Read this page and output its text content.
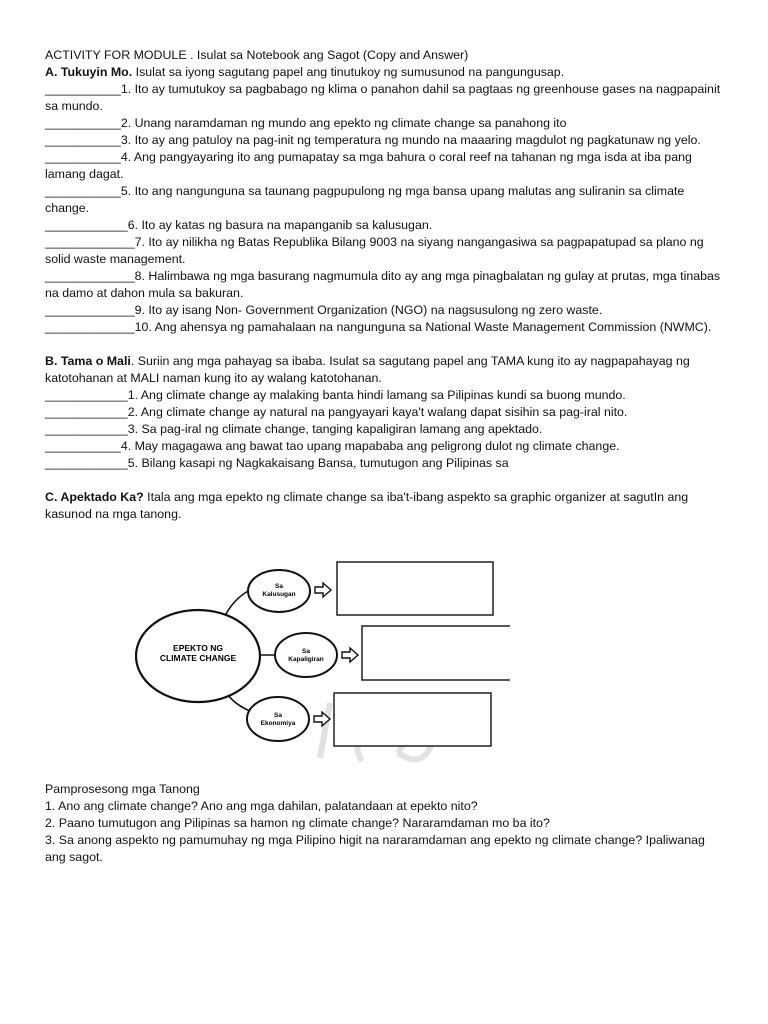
ACTIVITY FOR MODULE . Isulat sa Notebook ang Sagot (Copy and Answer)

A. Tukuyin Mo. Isulat sa iyong sagutang papel ang tinutukoy ng sumusunod na pangungusap.

___________1. Ito ay tumutukoy sa pagbabago ng klima o panahon dahil sa pagtaas ng greenhouse gases na nagpapainit sa mundo.

___________2. Unang naramdaman ng mundo ang epekto ng climate change sa panahong ito

___________3. Ito ay ang patuloy na pag-init ng temperatura ng mundo na maaaring magdulot ng pagkatunaw ng yelo.

___________4. Ang pangyayaring ito ang pumapatay sa mga bahura o coral reef na tahanan ng mga isda at iba pang lamang dagat.

___________5. Ito ang nangunguna sa taunang pagpupulong ng mga bansa upang malutas ang suliranin sa climate change.

____________6. Ito ay katas ng basura na mapanganib sa kalusugan.

_____________7. Ito ay nilikha ng Batas Republika Bilang 9003 na siyang nangangasiwa sa pagpapatupad sa plano ng solid waste management.

_____________8. Halimbawa ng mga basurang nagmumula dito ay ang mga pinagbalatan ng gulay at prutas, mga tinabas na damo at dahon mula sa bakuran.

_____________9. Ito ay isang Non- Government Organization (NGO) na nagsusulong ng zero waste.

_____________10. Ang ahensya ng pamahalaan na nangunguna sa National Waste Management Commission (NWMC).

B. Tama o Mali. Suriin ang mga pahayag sa ibaba. Isulat sa sagutang papel ang TAMA kung ito ay nagpapahayag ng katotohanan at MALI naman kung ito ay walang katotohanan.

____________1. Ang climate change ay malaking banta hindi lamang sa Pilipinas kundi sa buong mundo.

____________2. Ang climate change ay natural na pangyayari kaya't walang dapat sisihin sa pag-iral nito.

____________3. Sa pag-iral ng climate change, tanging kapaligiran lamang ang apektado.

___________4. May magagawa ang bawat tao upang mapababa ang peligrong dulot ng climate change.

____________5. Bilang kasapi ng Nagkakaisang Bansa, tumutugon ang Pilipinas sa

C. Apektado Ka? Itala ang mga epekto ng climate change sa iba't-ibang aspekto sa graphic organizer at sagutIn ang kasunod na mga tanong.

EPEKTO NG
CLIMATE CHANGE
Sa
Kalusugan
Sa
Kapaligiran
Sa
Ekonomiya

Pamprosesong mga Tanong

1. Ano ang climate change? Ano ang mga dahilan, palatandaan at epekto nito?

2. Paano tumutugon ang Pilipinas sa hamon ng climate change? Nararamdaman mo ba ito?

3. Sa anong aspekto ng pamumuhay ng mga Pilipino higit na nararamdaman ang epekto ng climate change? Ipaliwanag ang sagot.
